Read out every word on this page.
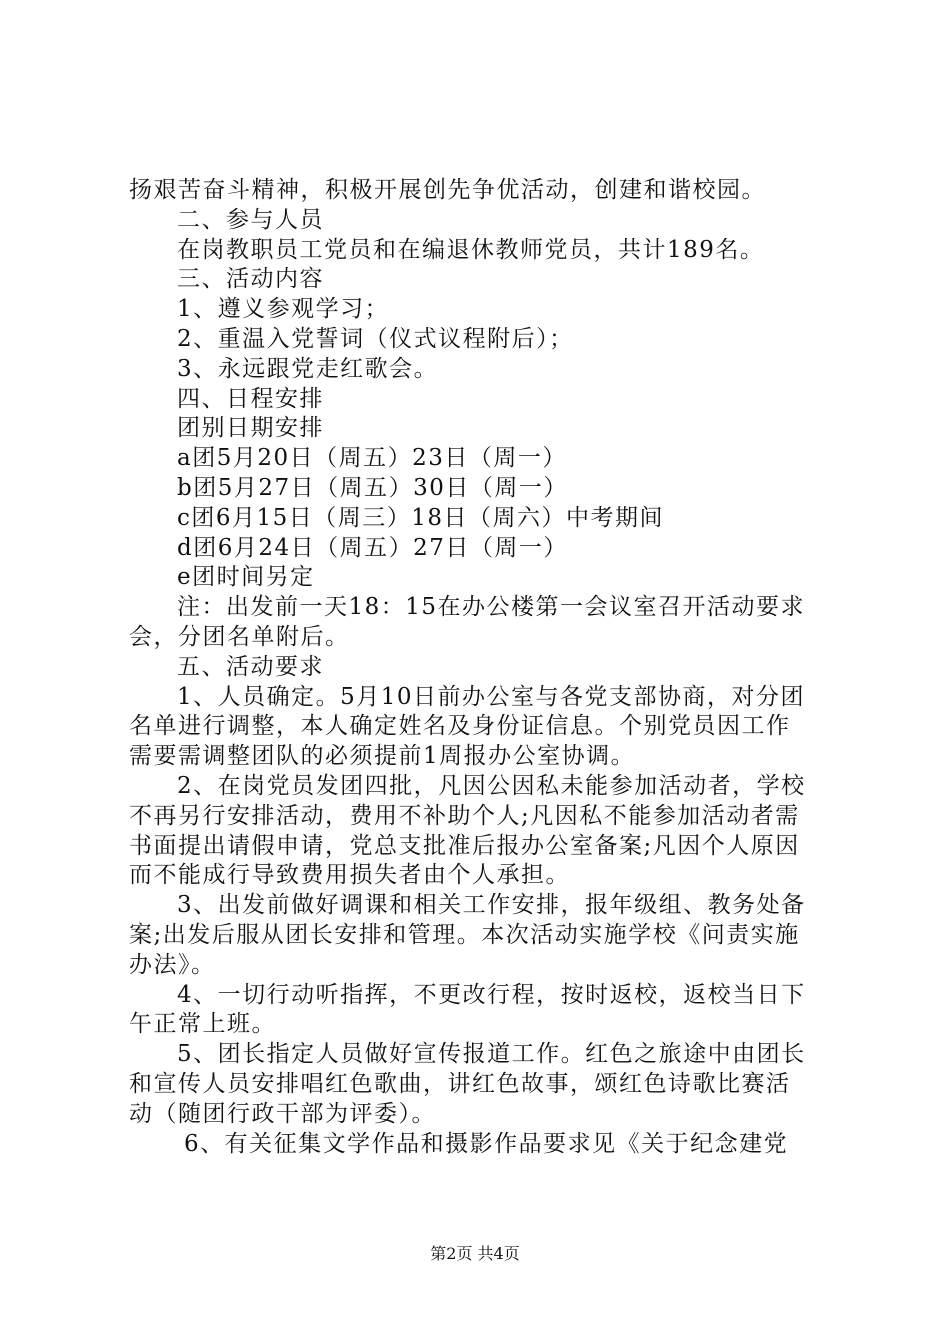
扬艰苦奋斗精神，积极开展创先争优活动，创建和谐校园。
二、参与人员
在岗教职员工党员和在编退休教师党员，共计189名。
三、活动内容
1、遵义参观学习；
2、重温入党誓词（仪式议程附后）；
3、永远跟党走红歌会。
四、日程安排
团别日期安排
a团5月20日（周五）23日（周一）
b团5月27日（周五）30日（周一）
c团6月15日（周三）18日（周六）中考期间
d团6月24日（周五）27日（周一）
e团时间另定
注：出发前一天18：15在办公楼第一会议室召开活动要求
会，分团名单附后。
五、活动要求
1、人员确定。5月10日前办公室与各党支部协商，对分团
名单进行调整，本人确定姓名及身份证信息。个别党员因工作
需要需调整团队的必须提前1周报办公室协调。
2、在岗党员发团四批，凡因公因私未能参加活动者，学校
不再另行安排活动，费用不补助个人;凡因私不能参加活动者需
书面提出请假申请，党总支批准后报办公室备案;凡因个人原因
而不能成行导致费用损失者由个人承担。
3、出发前做好调课和相关工作安排，报年级组、教务处备
案;出发后服从团长安排和管理。本次活动实施学校《问责实施
办法》。
4、一切行动听指挥，不更改行程，按时返校，返校当日下
午正常上班。
5、团长指定人员做好宣传报道工作。红色之旅途中由团长
和宣传人员安排唱红色歌曲，讲红色故事，颂红色诗歌比赛活
动（随团行政干部为评委）。
6、有关征集文学作品和摄影作品要求见《关于纪念建党
第2页 共4页
